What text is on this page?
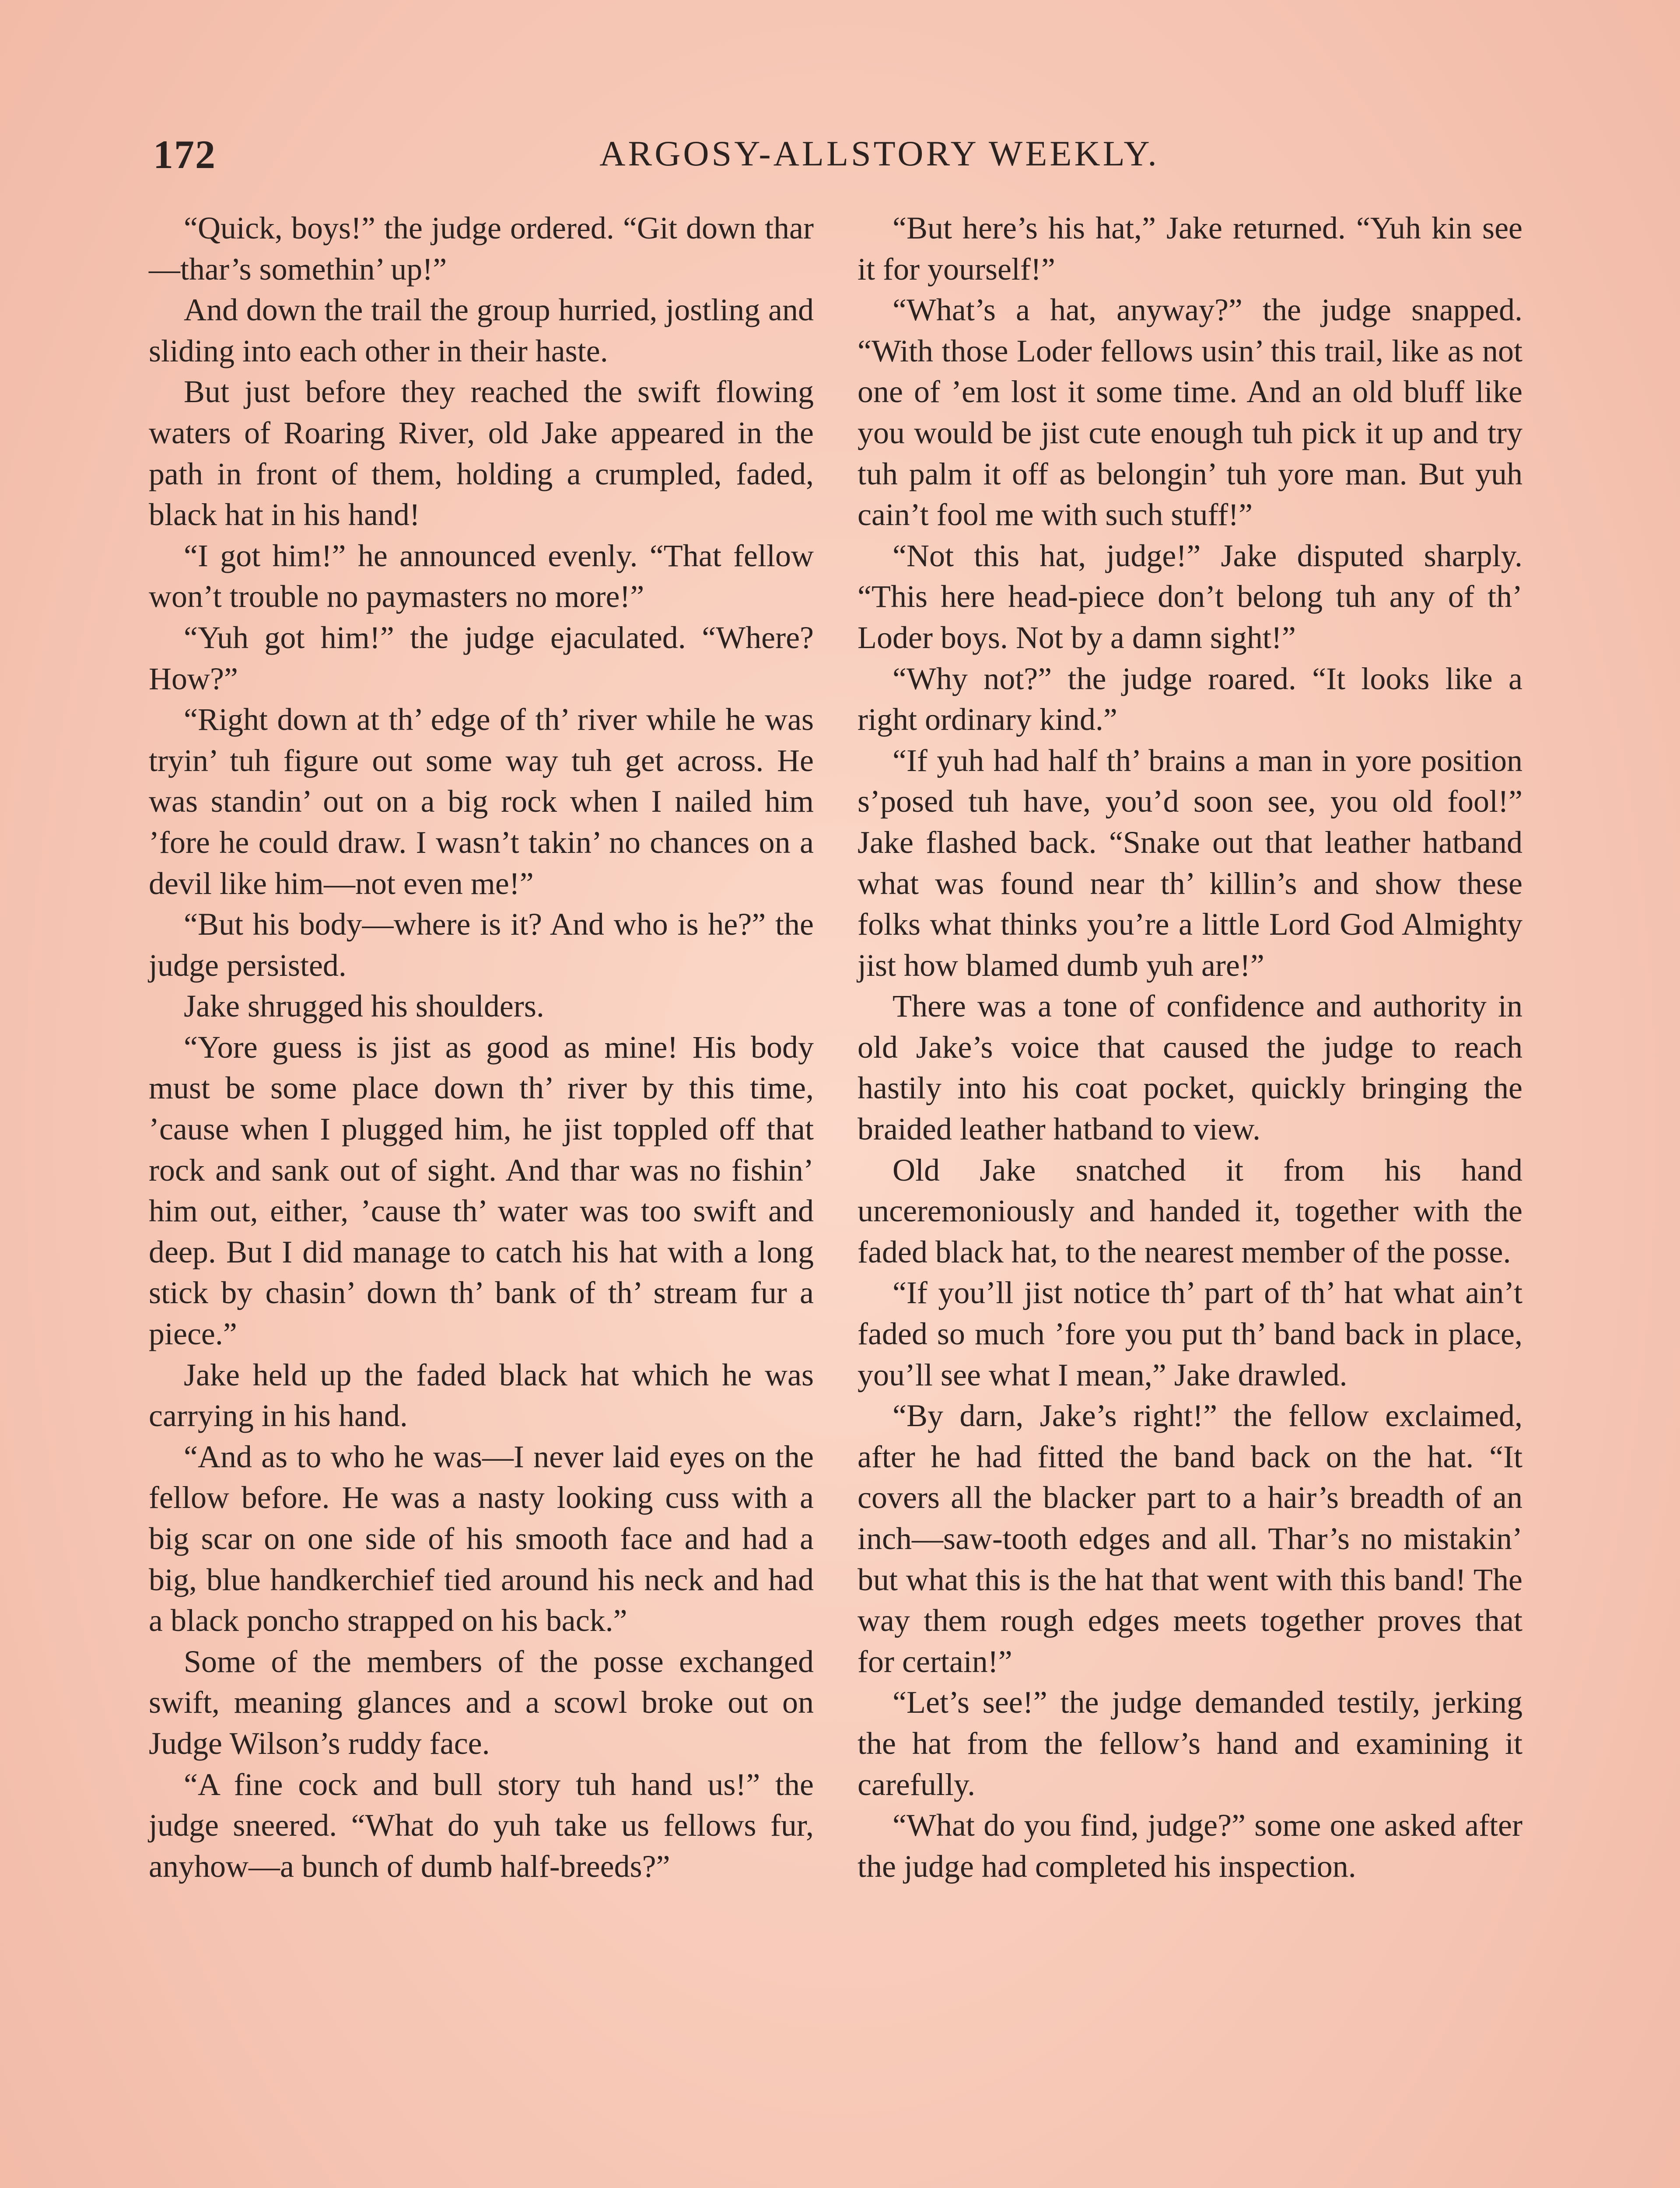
172	ARGOSY-ALLSTORY WEEKLY.

“Quick, boys!” the judge ordered. “Git down thar—thar’s somethin’ up!”

And down the trail the group hurried, jostling and sliding into each other in their haste.

But just before they reached the swift flowing waters of Roaring River, old Jake appeared in the path in front of them, holding a crumpled, faded, black hat in his hand!

“I got him!” he announced evenly. “That fellow won’t trouble no paymasters no more!”

“Yuh got him!” the judge ejaculated. “Where? How?”

“Right down at th’ edge of th’ river while he was tryin’ tuh figure out some way tuh get across. He was standin’ out on a big rock when I nailed him ’fore he could draw. I wasn’t takin’ no chances on a devil like him—not even me!”

“But his body—where is it? And who is he?” the judge persisted.

Jake shrugged his shoulders.

“Yore guess is jist as good as mine! His body must be some place down th’ river by this time, ’cause when I plugged him, he jist toppled off that rock and sank out of sight. And thar was no fishin’ him out, either, ’cause th’ water was too swift and deep. But I did manage to catch his hat with a long stick by chasin’ down th’ bank of th’ stream fur a piece.”

Jake held up the faded black hat which he was carrying in his hand.

“And as to who he was—I never laid eyes on the fellow before. He was a nasty looking cuss with a big scar on one side of his smooth face and had a big, blue handkerchief tied around his neck and had a black poncho strapped on his back.”

Some of the members of the posse exchanged swift, meaning glances and a scowl broke out on Judge Wilson’s ruddy face.

“A fine cock and bull story tuh hand us!” the judge sneered. “What do yuh take us fellows fur, anyhow—a bunch of dumb half-breeds?”

“But here’s his hat,” Jake returned. “Yuh kin see it for yourself!”

“What’s a hat, anyway?” the judge snapped. “With those Loder fellows usin’ this trail, like as not one of ’em lost it some time. And an old bluff like you would be jist cute enough tuh pick it up and try tuh palm it off as belongin’ tuh yore man. But yuh cain’t fool me with such stuff!”

“Not this hat, judge!” Jake disputed sharply. “This here head-piece don’t belong tuh any of th’ Loder boys. Not by a damn sight!”

“Why not?” the judge roared. “It looks like a right ordinary kind.”

“If yuh had half th’ brains a man in yore position s’posed tuh have, you’d soon see, you old fool!” Jake flashed back. “Snake out that leather hatband what was found near th’ killin’s and show these folks what thinks you’re a little Lord God Almighty jist how blamed dumb yuh are!”

There was a tone of confidence and authority in old Jake’s voice that caused the judge to reach hastily into his coat pocket, quickly bringing the braided leather hatband to view.

Old Jake snatched it from his hand unceremoniously and handed it, together with the faded black hat, to the nearest member of the posse.

“If you’ll jist notice th’ part of th’ hat what ain’t faded so much ’fore you put th’ band back in place, you’ll see what I mean,” Jake drawled.

“By darn, Jake’s right!” the fellow exclaimed, after he had fitted the band back on the hat. “It covers all the blacker part to a hair’s breadth of an inch—saw-tooth edges and all. Thar’s no mistakin’ but what this is the hat that went with this band! The way them rough edges meets together proves that for certain!”

“Let’s see!” the judge demanded testily, jerking the hat from the fellow’s hand and examining it carefully.

“What do you find, judge?” some one asked after the judge had completed his inspection.
